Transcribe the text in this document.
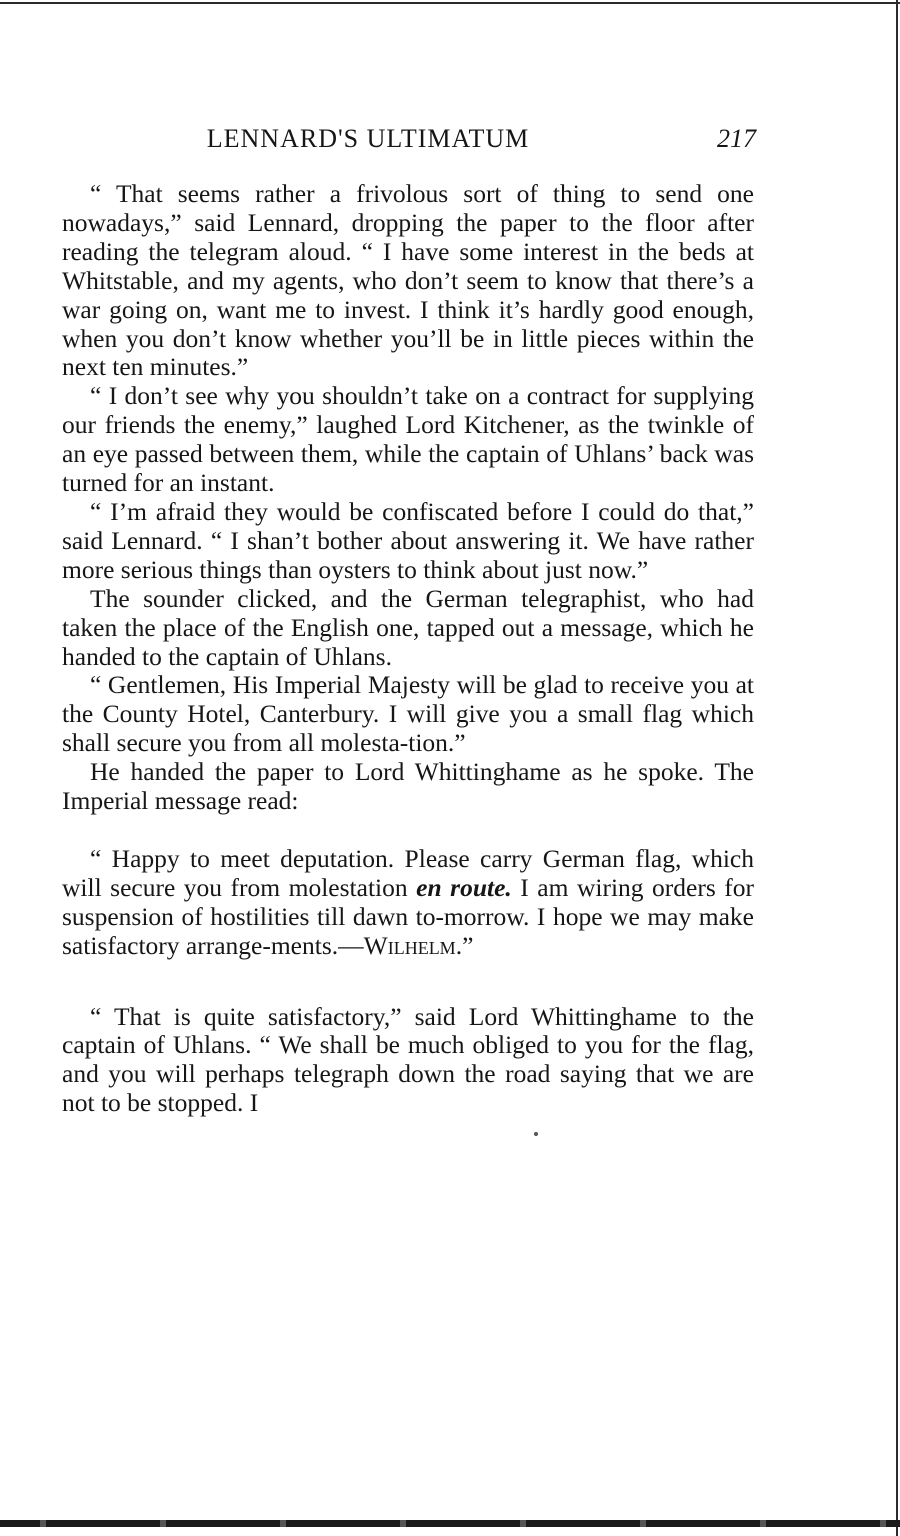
LENNARD'S ULTIMATUM	217

“ That seems rather a frivolous sort of thing to send one nowadays,” said Lennard, dropping the paper to the floor after reading the telegram aloud. “ I have some interest in the beds at Whitstable, and my agents, who don’t seem to know that there’s a war going on, want me to invest. I think it’s hardly good enough, when you don’t know whether you’ll be in little pieces within the next ten minutes.”

“ I don’t see why you shouldn’t take on a contract for supplying our friends the enemy,” laughed Lord Kitchener, as the twinkle of an eye passed between them, while the captain of Uhlans’ back was turned for an instant.

“ I’m afraid they would be confiscated before I could do that,” said Lennard. “ I shan’t bother about answering it. We have rather more serious things than oysters to think about just now.”

The sounder clicked, and the German telegraphist, who had taken the place of the English one, tapped out a message, which he handed to the captain of Uhlans.

“ Gentlemen, His Imperial Majesty will be glad to receive you at the County Hotel, Canterbury. I will give you a small flag which shall secure you from all molesta-tion.”

He handed the paper to Lord Whittinghame as he spoke. The Imperial message read:

“ Happy to meet deputation. Please carry German flag, which will secure you from molestation en route. I am wiring orders for suspension of hostilities till dawn to-morrow. I hope we may make satisfactory arrange-ments.—Wilhelm.”

“ That is quite satisfactory,” said Lord Whittinghame to the captain of Uhlans. “ We shall be much obliged to you for the flag, and you will perhaps telegraph down the road saying that we are not to be stopped. I
